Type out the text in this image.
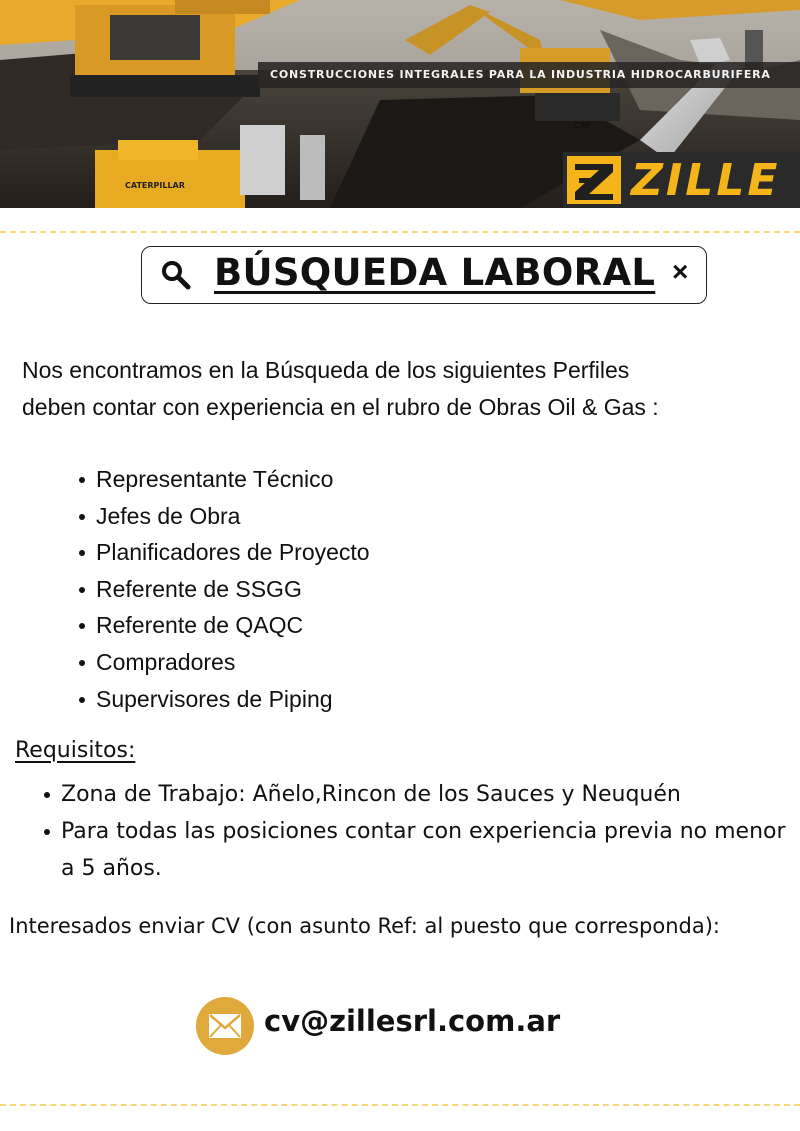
CAT
CATERPILLAR
CONSTRUCCIONES INTEGRALES PARA LA INDUSTRIA HIDROCARBURIFERA
ZILLE
BÚSQUEDA LABORAL ×
Nos encontramos en la Búsqueda de los siguientes Perfiles
deben contar con experiencia en el rubro de Obras Oil & Gas :
Representante Técnico
Jefes de Obra
Planificadores de Proyecto
Referente de SSGG
Referente de QAQC
Compradores
Supervisores de Piping
Requisitos:
Zona de Trabajo: Añelo,Rincon de los Sauces y Neuquén
Para todas las posiciones contar con experiencia previa no menor a 5 años.
Interesados enviar CV (con asunto Ref: al puesto que corresponda):
cv@zillesrl.com.ar
